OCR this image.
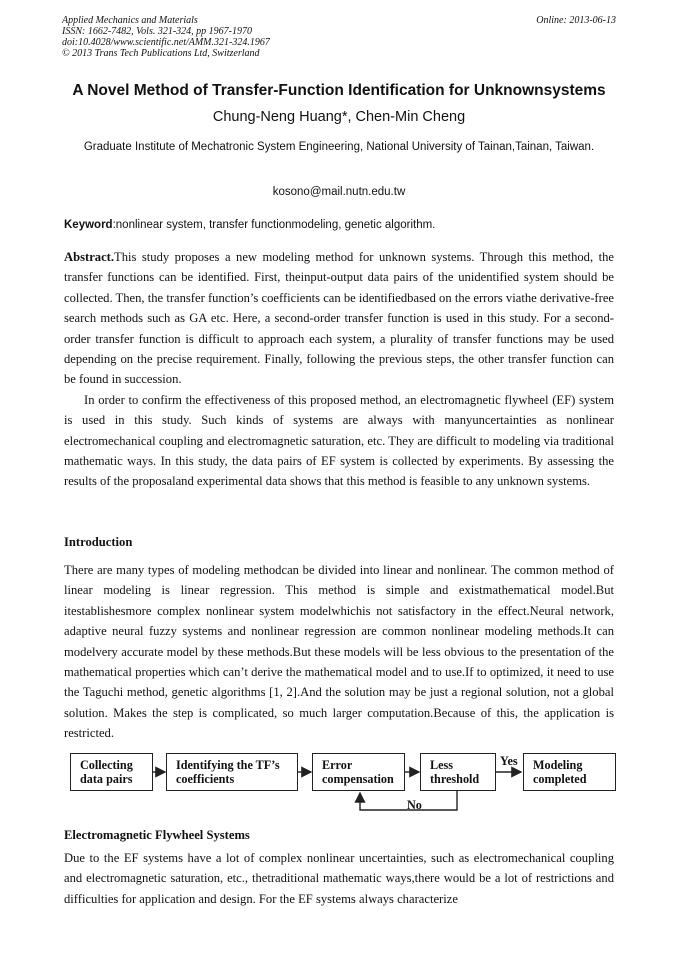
Applied Mechanics and Materials
ISSN: 1662-7482, Vols. 321-324, pp 1967-1970
doi:10.4028/www.scientific.net/AMM.321-324.1967
© 2013 Trans Tech Publications Ltd, Switzerland
Online: 2013-06-13
A Novel Method of Transfer-Function Identification for Unknownsystems
Chung-Neng Huang*, Chen-Min Cheng
Graduate Institute of Mechatronic System Engineering, National University of Tainan,Tainan, Taiwan.
kosono@mail.nutn.edu.tw
Keyword:nonlinear system, transfer functionmodeling, genetic algorithm.

Abstract.This study proposes a new modeling method for unknown systems. Through this method, the transfer functions can be identified. First, theinput-output data pairs of the unidentified system should be collected. Then, the transfer function’s coefficients can be identifiedbased on the errors viathe derivative-free search methods such as GA etc. Here, a second-order transfer function is used in this study. For a second-order transfer function is difficult to approach each system, a plurality of transfer functions may be used depending on the precise requirement. Finally, following the previous steps, the other transfer function can be found in succession.

In order to confirm the effectiveness of this proposed method, an electromagnetic flywheel (EF) system is used in this study. Such kinds of systems are always with manyuncertainties as nonlinear electromechanical coupling and electromagnetic saturation, etc. They are difficult to modeling via traditional mathematic ways. In this study, the data pairs of EF system is collected by experiments. By assessing the results of the proposaland experimental data shows that this method is feasible to any unknown systems.

Introduction

There are many types of modeling methodcan be divided into linear and nonlinear. The common method of linear modeling is linear regression. This method is simple and existmathematical model.But itestablishesmore complex nonlinear system modelwhichis not satisfactory in the effect.Neural network, adaptive neural fuzzy systems and nonlinear regression are common nonlinear modeling methods.It can modelvery accurate model by these methods.But these models will be less obvious to the presentation of the mathematical properties which can’t derive the mathematical model and to use.If to optimized, it need to use the Taguchi method, genetic algorithms [1, 2].And the solution may be just a regional solution, not a global solution. Makes the step is complicated, so much larger computation.Because of this, the application is restricted.

Collecting
data pairs
Identifying the TF’s
coefficients
Error
compensation
Less
threshold
Modeling
completed
Yes
No
Electromagnetic Flywheel Systems

Due to the EF systems have a lot of complex nonlinear uncertainties, such as electromechanical coupling and electromagnetic saturation, etc., thetraditional mathematic ways,there would be a lot of restrictions and difficulties for application and design. For the EF systems always characterize
